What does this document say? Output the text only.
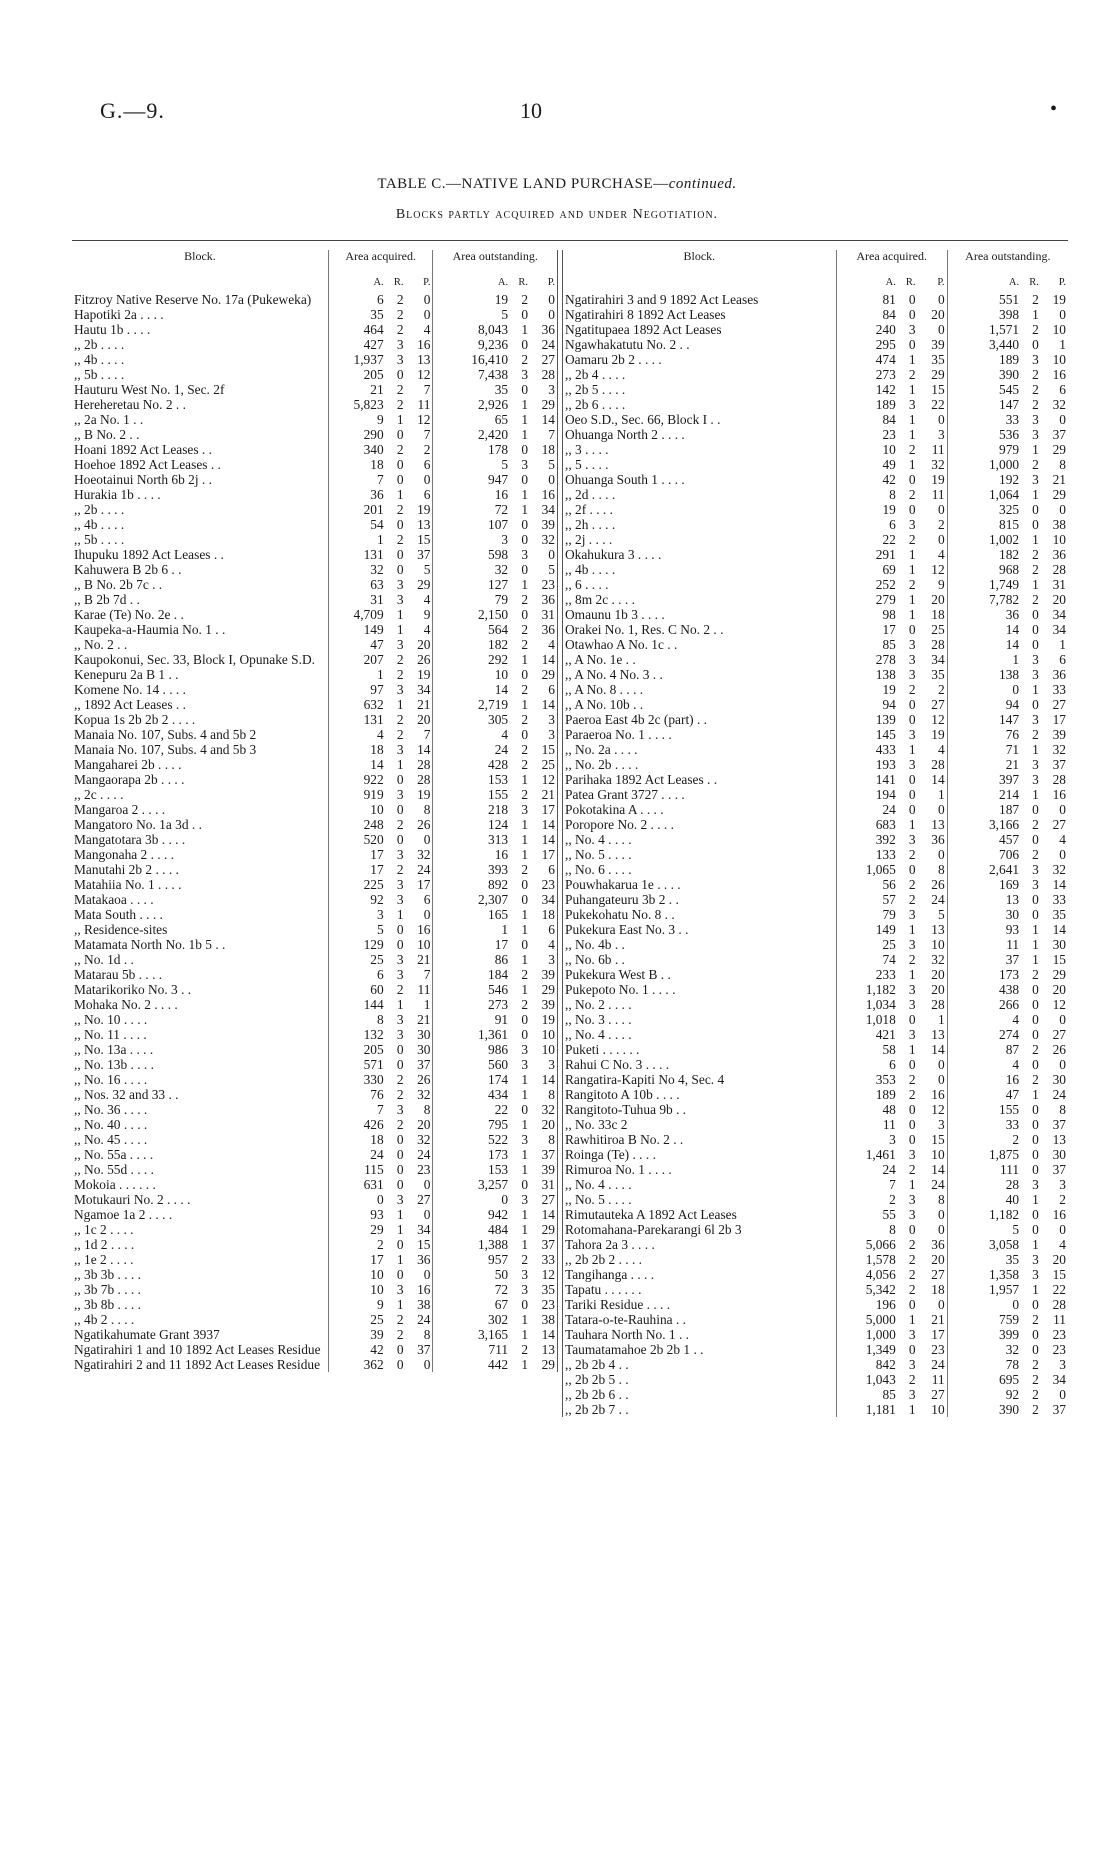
G.—9.	10	•
TABLE C.—NATIVE LAND PURCHASE—continued.
Blocks partly acquired and under Negotiation.
Block.	Area acquired.			Area outstanding.		
	A.	R.	P.	A.	R.	P.
Fitzroy Native Reserve No. 17a (Pukeweka)	6	2	0	19	2	0
Hapotiki 2a . . . .	35	2	0	5	0	0
Hautu 1b . . . .	464	2	4	8,043	1	36
,, 2b . . . .	427	3	16	9,236	0	24
,, 4b . . . .	1,937	3	13	16,410	2	27
,, 5b . . . .	205	0	12	7,438	3	28
Hauturu West No. 1, Sec. 2f	21	2	7	35	0	3
Hereheretau No. 2 . .	5,823	2	11	2,926	1	29
,, 2a No. 1 . .	9	1	12	65	1	14
,, B No. 2 . .	290	0	7	2,420	1	7
Hoani 1892 Act Leases . .	340	2	2	178	0	18
Hoehoe 1892 Act Leases . .	18	0	6	5	3	5
Hoeotainui North 6b 2j . .	7	0	0	947	0	0
Hurakia 1b . . . .	36	1	6	16	1	16
,, 2b . . . .	201	2	19	72	1	34
,, 4b . . . .	54	0	13	107	0	39
,, 5b . . . .	1	2	15	3	0	32
Ihupuku 1892 Act Leases . .	131	0	37	598	3	0
Kahuwera B 2b 6 . .	32	0	5	32	0	5
,, B No. 2b 7c . .	63	3	29	127	1	23
,, B 2b 7d . .	31	3	4	79	2	36
Karae (Te) No. 2e . .	4,709	1	9	2,150	0	31
Kaupeka-a-Haumia No. 1 . .	149	1	4	564	2	36
,, No. 2 . .	47	3	20	182	2	4
Kaupokonui, Sec. 33, Block I, Opunake S.D.	207	2	26	292	1	14
Kenepuru 2a B 1 . .	1	2	19	10	0	29
Komene No. 14 . . . .	97	3	34	14	2	6
,, 1892 Act Leases . .	632	1	21	2,719	1	14
Kopua 1s 2b 2b 2 . . . .	131	2	20	305	2	3
Manaia No. 107, Subs. 4 and 5b 2	4	2	7	4	0	3
Manaia No. 107, Subs. 4 and 5b 3	18	3	14	24	2	15
Mangaharei 2b . . . .	14	1	28	428	2	25
Mangaorapa 2b . . . .	922	0	28	153	1	12
,, 2c . . . .	919	3	19	155	2	21
Mangaroa 2 . . . .	10	0	8	218	3	17
Mangatoro No. 1a 3d . .	248	2	26	124	1	14
Mangatotara 3b . . . .	520	0	0	313	1	14
Mangonaha 2 . . . .	17	3	32	16	1	17
Manutahi 2b 2 . . . .	17	2	24	393	2	6
Matahiia No. 1 . . . .	225	3	17	892	0	23
Matakaoa . . . .	92	3	6	2,307	0	34
Mata South . . . .	3	1	0	165	1	18
,, Residence-sites	5	0	16	1	1	6
Matamata North No. 1b 5 . .	129	0	10	17	0	4
,, No. 1d . .	25	3	21	86	1	3
Matarau 5b . . . .	6	3	7	184	2	39
Matarikoriko No. 3 . .	60	2	11	546	1	29
Mohaka No. 2 . . . .	144	1	1	273	2	39
,, No. 10 . . . .	8	3	21	91	0	19
,, No. 11 . . . .	132	3	30	1,361	0	10
,, No. 13a . . . .	205	0	30	986	3	10
,, No. 13b . . . .	571	0	37	560	3	3
,, No. 16 . . . .	330	2	26	174	1	14
,, Nos. 32 and 33 . .	76	2	32	434	1	8
,, No. 36 . . . .	7	3	8	22	0	32
,, No. 40 . . . .	426	2	20	795	1	20
,, No. 45 . . . .	18	0	32	522	3	8
,, No. 55a . . . .	24	0	24	173	1	37
,, No. 55d . . . .	115	0	23	153	1	39
Mokoia . . . . . .	631	0	0	3,257	0	31
Motukauri No. 2 . . . .	0	3	27	0	3	27
Ngamoe 1a 2 . . . .	93	1	0	942	1	14
,, 1c 2 . . . .	29	1	34	484	1	29
,, 1d 2 . . . .	2	0	15	1,388	1	37
,, 1e 2 . . . .	17	1	36	957	2	33
,, 3b 3b . . . .	10	0	0	50	3	12
,, 3b 7b . . . .	10	3	16	72	3	35
,, 3b 8b . . . .	9	1	38	67	0	23
,, 4b 2 . . . .	25	2	24	302	1	38
Ngatikahumate Grant 3937	39	2	8	3,165	1	14
Ngatirahiri 1 and 10 1892 Act Leases Residue	42	0	37	711	2	13
Ngatirahiri 2 and 11 1892 Act Leases Residue	362	0	0	442	1	29
Block.	Area acquired.			Area outstanding.		
	A.	R.	P.	A.	R.	P.
Ngatirahiri 3 and 9 1892 Act Leases	81	0	0	551	2	19
Ngatirahiri 8 1892 Act Leases	84	0	20	398	1	0
Ngatitupaea 1892 Act Leases	240	3	0	1,571	2	10
Ngawhakatutu No. 2 . .	295	0	39	3,440	0	1
Oamaru 2b 2 . . . .	474	1	35	189	3	10
,, 2b 4 . . . .	273	2	29	390	2	16
,, 2b 5 . . . .	142	1	15	545	2	6
,, 2b 6 . . . .	189	3	22	147	2	32
Oeo S.D., Sec. 66, Block I . .	84	1	0	33	3	0
Ohuanga North 2 . . . .	23	1	3	536	3	37
,, 3 . . . .	10	2	11	979	1	29
,, 5 . . . .	49	1	32	1,000	2	8
Ohuanga South 1 . . . .	42	0	19	192	3	21
,, 2d . . . .	8	2	11	1,064	1	29
,, 2f . . . .	19	0	0	325	0	0
,, 2h . . . .	6	3	2	815	0	38
,, 2j . . . .	22	2	0	1,002	1	10
Okahukura 3 . . . .	291	1	4	182	2	36
,, 4b . . . .	69	1	12	968	2	28
,, 6 . . . .	252	2	9	1,749	1	31
,, 8m 2c . . . .	279	1	20	7,782	2	20
Omaunu 1b 3 . . . .	98	1	18	36	0	34
Orakei No. 1, Res. C No. 2 . .	17	0	25	14	0	34
Otawhao A No. 1c . .	85	3	28	14	0	1
,, A No. 1e . .	278	3	34	1	3	6
,, A No. 4 No. 3 . .	138	3	35	138	3	36
,, A No. 8 . . . .	19	2	2	0	1	33
,, A No. 10b . .	94	0	27	94	0	27
Paeroa East 4b 2c (part) . .	139	0	12	147	3	17
Paraeroa No. 1 . . . .	145	3	19	76	2	39
,, No. 2a . . . .	433	1	4	71	1	32
,, No. 2b . . . .	193	3	28	21	3	37
Parihaka 1892 Act Leases . .	141	0	14	397	3	28
Patea Grant 3727 . . . .	194	0	1	214	1	16
Pokotakina A . . . .	24	0	0	187	0	0
Poropore No. 2 . . . .	683	1	13	3,166	2	27
,, No. 4 . . . .	392	3	36	457	0	4
,, No. 5 . . . .	133	2	0	706	2	0
,, No. 6 . . . .	1,065	0	8	2,641	3	32
Pouwhakarua 1e . . . .	56	2	26	169	3	14
Puhangateuru 3b 2 . .	57	2	24	13	0	33
Pukekohatu No. 8 . .	79	3	5	30	0	35
Pukekura East No. 3 . .	149	1	13	93	1	14
,, No. 4b . .	25	3	10	11	1	30
,, No. 6b . .	74	2	32	37	1	15
Pukekura West B . .	233	1	20	173	2	29
Pukepoto No. 1 . . . .	1,182	3	20	438	0	20
,, No. 2 . . . .	1,034	3	28	266	0	12
,, No. 3 . . . .	1,018	0	1	4	0	0
,, No. 4 . . . .	421	3	13	274	0	27
Puketi . . . . . .	58	1	14	87	2	26
Rahui C No. 3 . . . .	6	0	0	4	0	0
Rangatira-Kapiti No 4, Sec. 4	353	2	0	16	2	30
Rangitoto A 10b . . . .	189	2	16	47	1	24
Rangitoto-Tuhua 9b . .	48	0	12	155	0	8
,, No. 33c 2	11	0	3	33	0	37
Rawhitiroa B No. 2 . .	3	0	15	2	0	13
Roinga (Te) . . . .	1,461	3	10	1,875	0	30
Rimuroa No. 1 . . . .	24	2	14	111	0	37
,, No. 4 . . . .	7	1	24	28	3	3
,, No. 5 . . . .	2	3	8	40	1	2
Rimutauteka A 1892 Act Leases	55	3	0	1,182	0	16
Rotomahana-Parekarangi 6l 2b 3	8	0	0	5	0	0
Tahora 2a 3 . . . .	5,066	2	36	3,058	1	4
,, 2b 2b 2 . . . .	1,578	2	20	35	3	20
Tangihanga . . . .	4,056	2	27	1,358	3	15
Tapatu . . . . . .	5,342	2	18	1,957	1	22
Tariki Residue . . . .	196	0	0	0	0	28
Tatara-o-te-Rauhina . .	5,000	1	21	759	2	11
Tauhara North No. 1 . .	1,000	3	17	399	0	23
Taumatamahoe 2b 2b 1 . .	1,349	0	23	32	0	23
,, 2b 2b 4 . .	842	3	24	78	2	3
,, 2b 2b 5 . .	1,043	2	11	695	2	34
,, 2b 2b 6 . .	85	3	27	92	2	0
,, 2b 2b 7 . .	1,181	1	10	390	2	37
